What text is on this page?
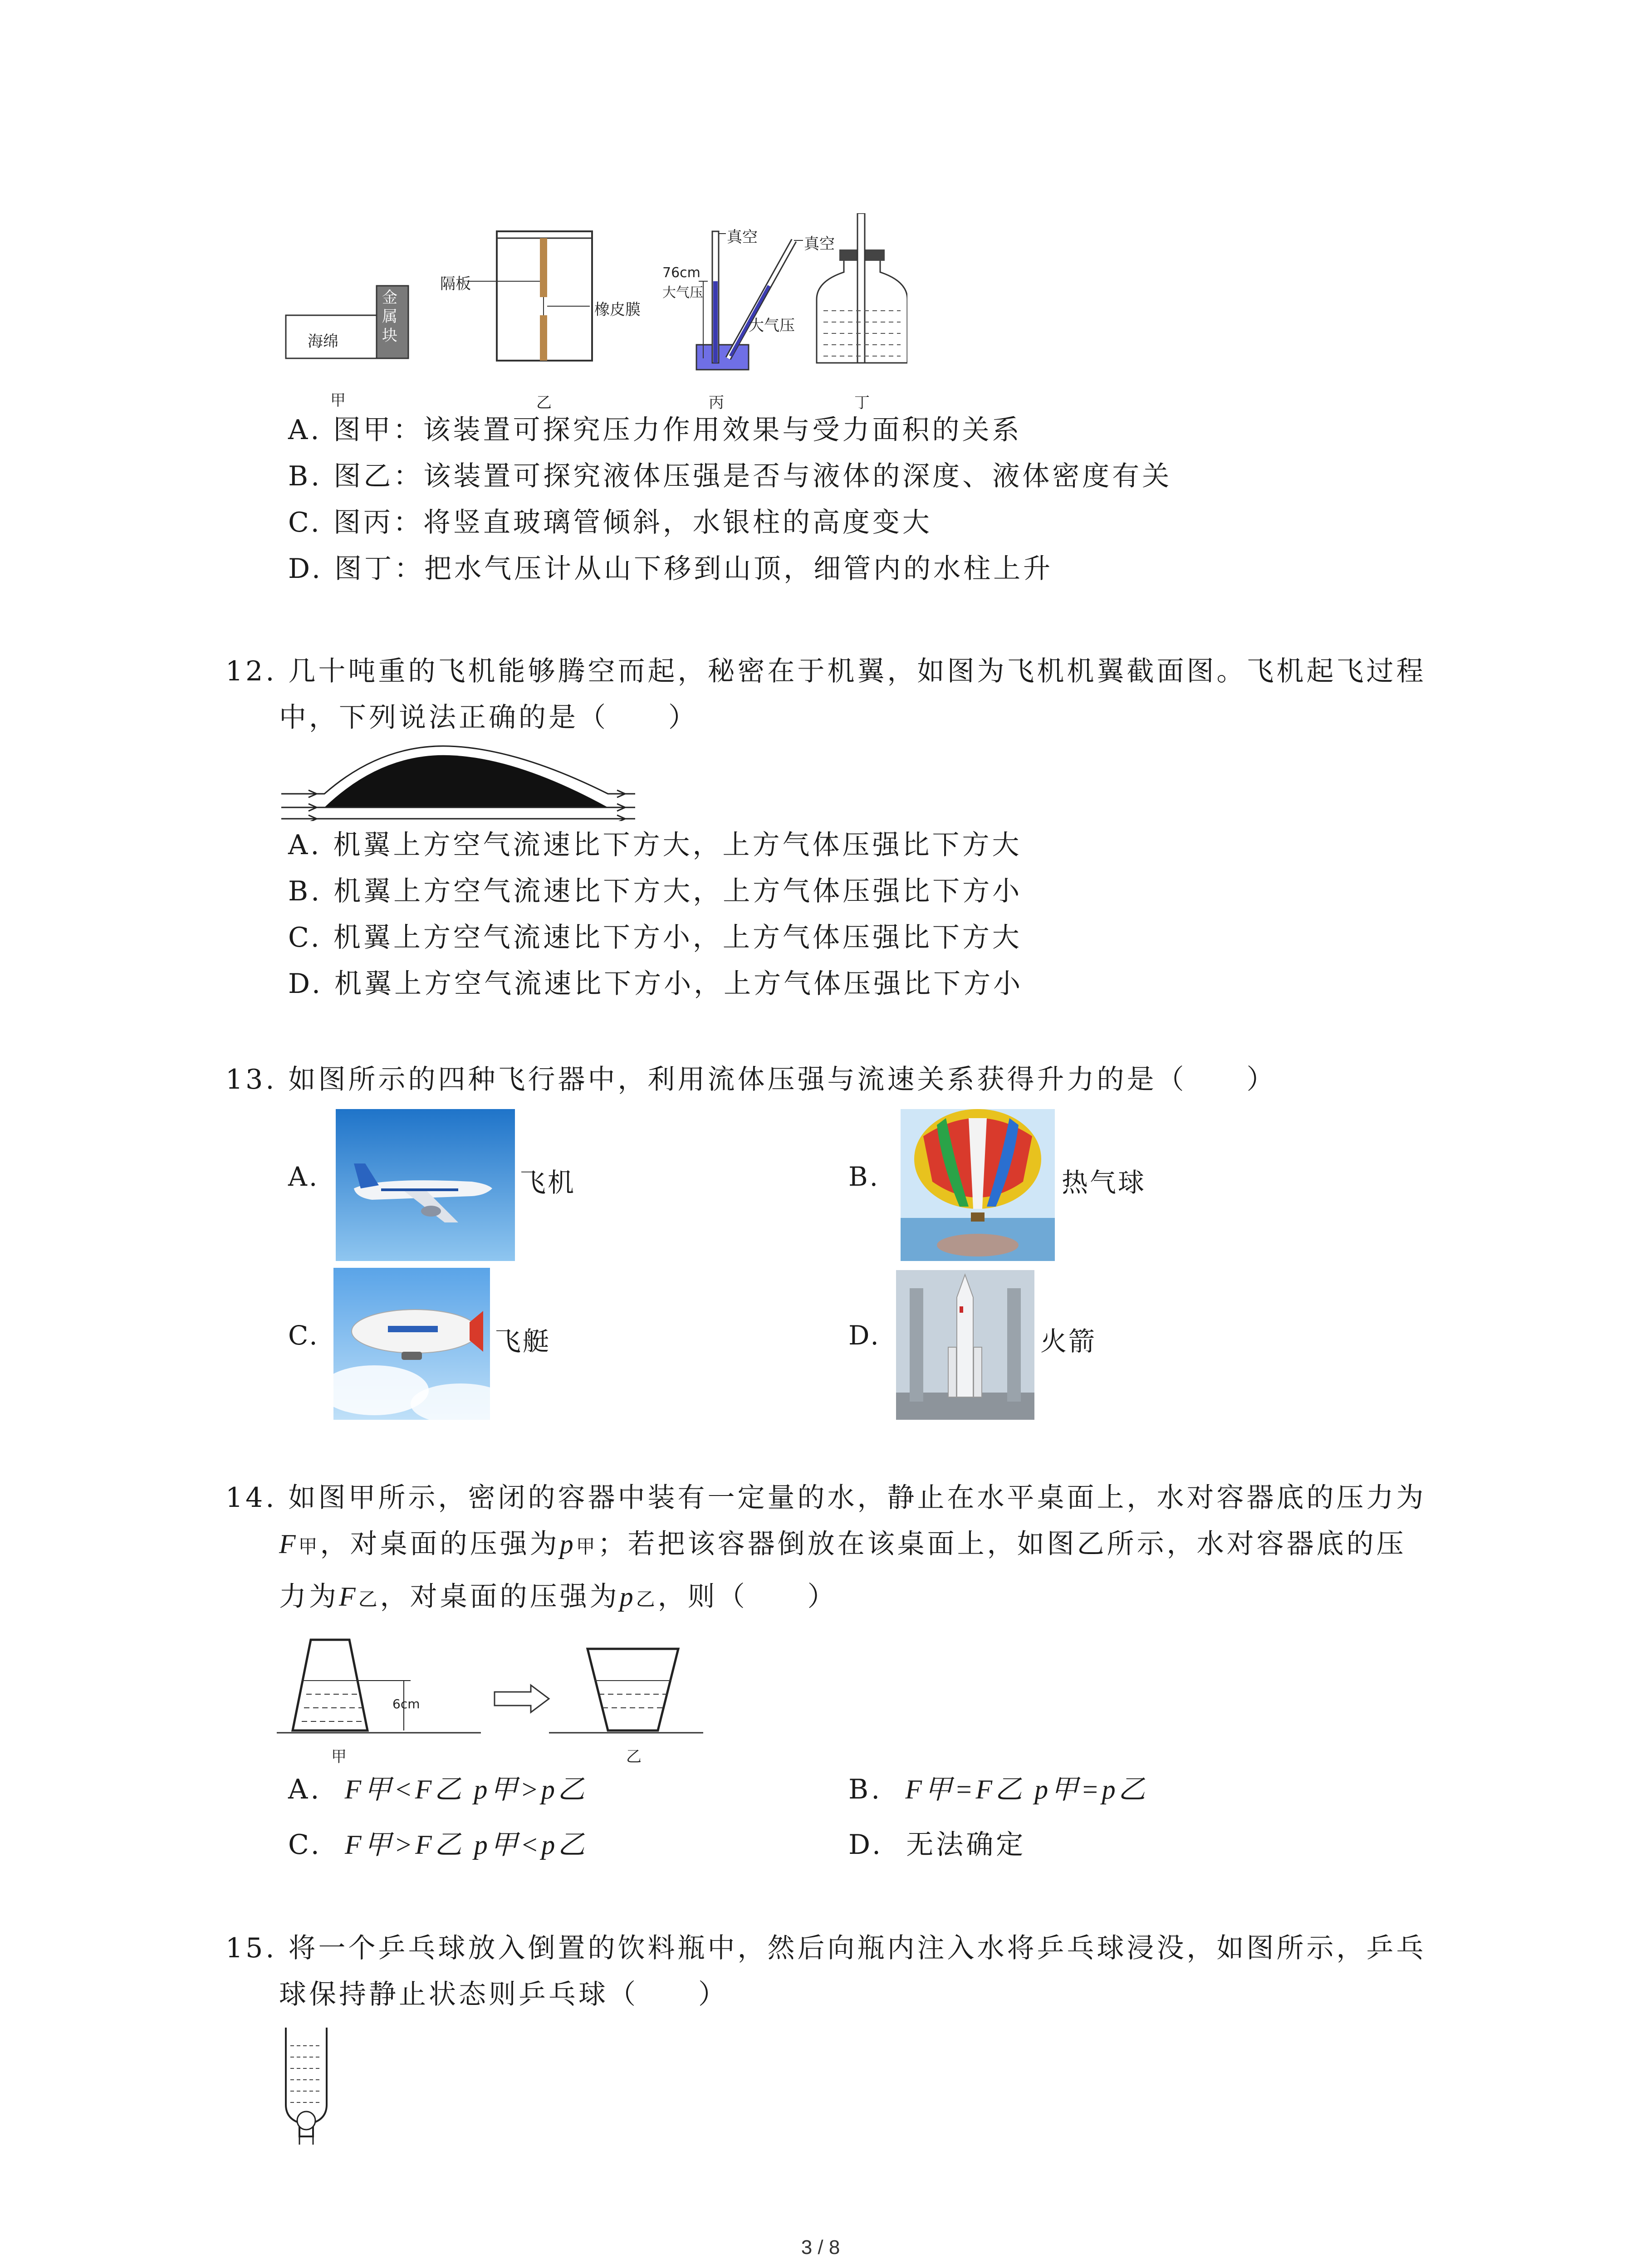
海绵
金属块
隔板
橡皮膜
真空	真空
76cm大气压
大气压
甲	乙	丙	丁
A. 图甲：该装置可探究压力作用效果与受力面积的关系
B. 图乙：该装置可探究液体压强是否与液体的深度、液体密度有关
C. 图丙：将竖直玻璃管倾斜，水银柱的高度变大
D. 图丁：把水气压计从山下移到山顶，细管内的水柱上升
12. 几十吨重的飞机能够腾空而起，秘密在于机翼，如图为飞机机翼截面图。飞机起飞过程
中，下列说法正确的是（　　）
A. 机翼上方空气流速比下方大，上方气体压强比下方大
B. 机翼上方空气流速比下方大，上方气体压强比下方小
C. 机翼上方空气流速比下方小，上方气体压强比下方大
D. 机翼上方空气流速比下方小，上方气体压强比下方小
13. 如图所示的四种飞行器中，利用流体压强与流速关系获得升力的是（　　）
A.	飞机	B.	热气球
C.	飞艇	D.	火箭
14. 如图甲所示，密闭的容器中装有一定量的水，静止在水平桌面上，水对容器底的压力为
F甲，对桌面的压强为p甲；若把该容器倒放在该桌面上，如图乙所示，水对容器底的压
力为F乙，对桌面的压强为p乙，则（　　）
6cm
甲	乙
A. F甲<F乙 p甲>p乙	B. F甲=F乙 p甲=p乙
C. F甲>F乙 p甲<p乙	D. 无法确定
15. 将一个乒乓球放入倒置的饮料瓶中，然后向瓶内注入水将乒乓球浸没，如图所示，乒乓
球保持静止状态则乒乓球（　　）
3 / 8
